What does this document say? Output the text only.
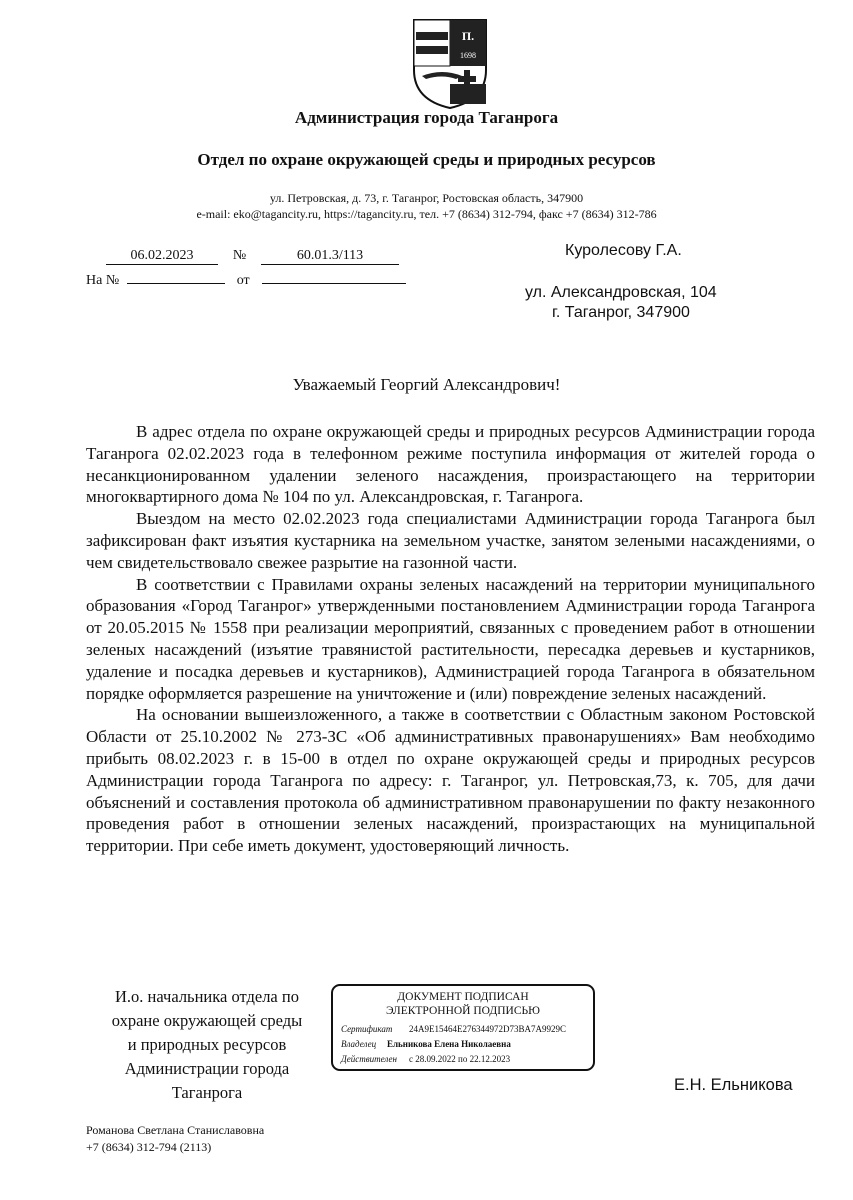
П.
1698
Администрация города Таганрога
Отдел по охране окружающей среды и природных ресурсов
ул. Петровская, д. 73, г. Таганрог, Ростовская область, 347900
e-mail: eko@tagancity.ru, https://tagancity.ru, тел. +7 (8634) 312-794, факс +7 (8634) 312-786
06.02.2023	№	60.01.3/113
На №	от
Куролесову Г.А.
ул. Александровская, 104
г. Таганрог, 347900
Уважаемый Георгий Александрович!

В адрес отдела по охране окружающей среды и природных ресурсов Администрации города Таганрога 02.02.2023 года в телефонном режиме поступила информация от жителей города о несанкционированном удалении зеленого насаждения, произрастающего на территории многоквартирного дома № 104 по ул. Александровская, г. Таганрога.

Выездом на место 02.02.2023 года специалистами Администрации города Таганрога был зафиксирован факт изъятия кустарника на земельном участке, занятом зелеными насаждениями, о чем свидетельствовало свежее разрытие на газонной части.

В соответствии с Правилами охраны зеленых насаждений на территории муниципального образования «Город Таганрог» утвержденными постановлением Администрации города Таганрога от 20.05.2015 № 1558 при реализации мероприятий, связанных с проведением работ в отношении зеленых насаждений (изъятие травянистой растительности, пересадка деревьев и кустарников, удаление и посадка деревьев и кустарников), Администрацией города Таганрога в обязательном порядке оформляется разрешение на уничтожение и (или) повреждение зеленых насаждений.

На основании вышеизложенного, а также в соответствии с Областным законом Ростовской Области от 25.10.2002 № 273-ЗС «Об административных правонарушениях» Вам необходимо прибыть 08.02.2023 г. в 15-00 в отдел по охране окружающей среды и природных ресурсов Администрации города Таганрога по адресу: г. Таганрог, ул. Петровская,73, к. 705, для дачи объяснений и составления протокола об административном правонарушении по факту незаконного проведения работ в отношении зеленых насаждений, произрастающих на муниципальной территории. При себе иметь документ, удостоверяющий личность.

И.о. начальника отдела по
охране окружающей среды
и природных ресурсов
Администрации города
Таганрога
ДОКУМЕНТ ПОДПИСАН
ЭЛЕКТРОННОЙ ПОДПИСЬЮ
Сертификат 24A9E15464E276344972D73BA7A9929C
Владелец Ельникова Елена Николаевна
Действителен с 28.09.2022 по 22.12.2023
Е.Н. Ельникова
Романова Светлана Станиславовна
+7 (8634) 312-794 (2113)
